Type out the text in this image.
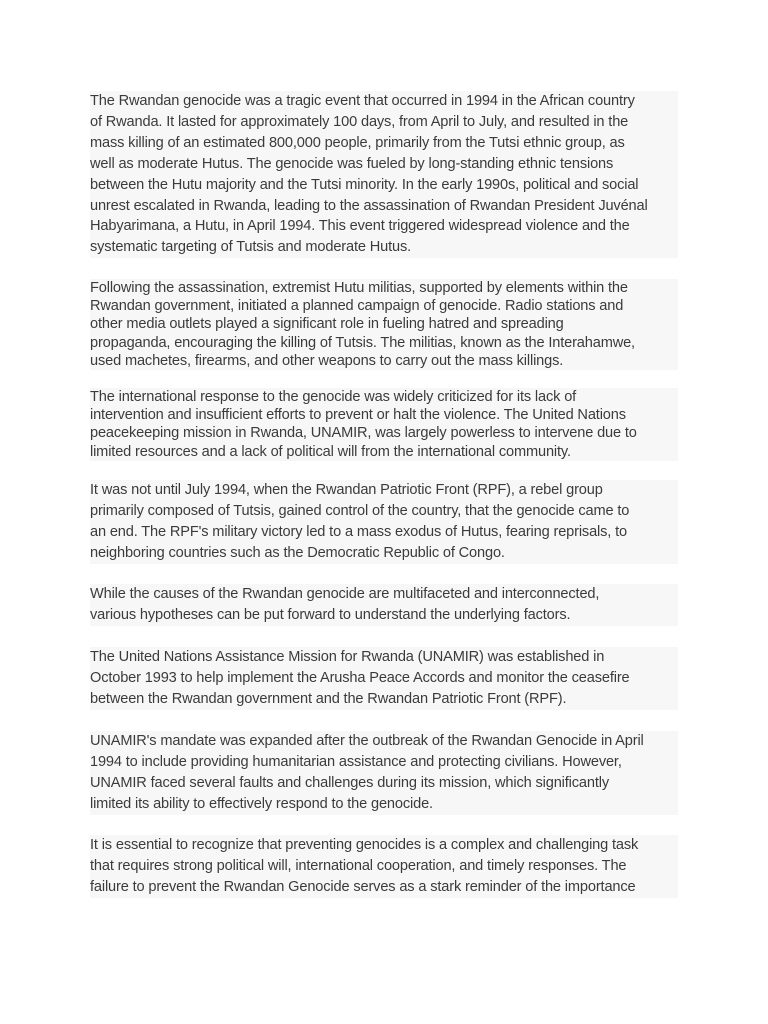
The Rwandan genocide was a tragic event that occurred in 1994 in the African country
of Rwanda. It lasted for approximately 100 days, from April to July, and resulted in the
mass killing of an estimated 800,000 people, primarily from the Tutsi ethnic group, as
well as moderate Hutus. The genocide was fueled by long-standing ethnic tensions
between the Hutu majority and the Tutsi minority. In the early 1990s, political and social
unrest escalated in Rwanda, leading to the assassination of Rwandan President Juvénal
Habyarimana, a Hutu, in April 1994. This event triggered widespread violence and the
systematic targeting of Tutsis and moderate Hutus.

Following the assassination, extremist Hutu militias, supported by elements within the
Rwandan government, initiated a planned campaign of genocide. Radio stations and
other media outlets played a significant role in fueling hatred and spreading
propaganda, encouraging the killing of Tutsis. The militias, known as the Interahamwe,
used machetes, firearms, and other weapons to carry out the mass killings.

The international response to the genocide was widely criticized for its lack of
intervention and insufficient efforts to prevent or halt the violence. The United Nations
peacekeeping mission in Rwanda, UNAMIR, was largely powerless to intervene due to
limited resources and a lack of political will from the international community.

It was not until July 1994, when the Rwandan Patriotic Front (RPF), a rebel group
primarily composed of Tutsis, gained control of the country, that the genocide came to
an end. The RPF's military victory led to a mass exodus of Hutus, fearing reprisals, to
neighboring countries such as the Democratic Republic of Congo.

While the causes of the Rwandan genocide are multifaceted and interconnected,
various hypotheses can be put forward to understand the underlying factors.

The United Nations Assistance Mission for Rwanda (UNAMIR) was established in
October 1993 to help implement the Arusha Peace Accords and monitor the ceasefire
between the Rwandan government and the Rwandan Patriotic Front (RPF).

UNAMIR's mandate was expanded after the outbreak of the Rwandan Genocide in April
1994 to include providing humanitarian assistance and protecting civilians. However,
UNAMIR faced several faults and challenges during its mission, which significantly
limited its ability to effectively respond to the genocide.

It is essential to recognize that preventing genocides is a complex and challenging task
that requires strong political will, international cooperation, and timely responses. The
failure to prevent the Rwandan Genocide serves as a stark reminder of the importance
